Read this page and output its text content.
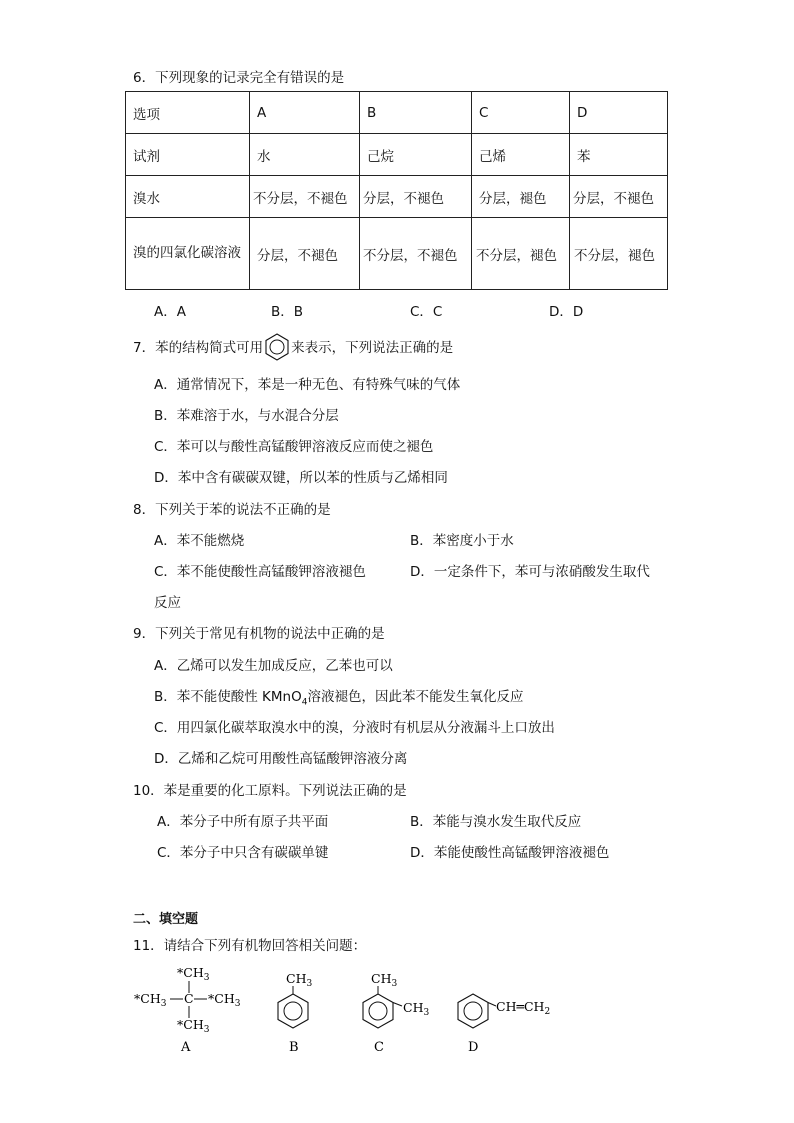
6．下列现象的记录完全有错误的是
选项	A	B	C	D
试剂	水	己烷	己烯	苯
溴水	不分层，不褪色	分层，不褪色	分层，褪色	分层，不褪色
溴的四氯化碳溶液	分层，不褪色	不分层，不褪色	不分层，褪色	不分层，褪色
A．A	B．B	C．C	D．D
7．苯的结构简式可用 来表示，下列说法正确的是
A．通常情况下，苯是一种无色、有特殊气味的气体
B．苯难溶于水，与水混合分层
C．苯可以与酸性高锰酸钾溶液反应而使之褪色
D．苯中含有碳碳双键，所以苯的性质与乙烯相同
8．下列关于苯的说法不正确的是
A．苯不能燃烧	B．苯密度小于水
C．苯不能使酸性高锰酸钾溶液褪色	D．一定条件下，苯可与浓硝酸发生取代
反应
9．下列关于常见有机物的说法中正确的是
A．乙烯可以发生加成反应，乙苯也可以
B．苯不能使酸性 KMnO$_4$溶液褪色，因此苯不能发生氧化反应
C．用四氯化碳萃取溴水中的溴，分液时有机层从分液漏斗上口放出
D．乙烯和乙烷可用酸性高锰酸钾溶液分离
10．苯是重要的化工原料。下列说法正确的是
A．苯分子中所有原子共平面	B．苯能与溴水发生取代反应
C．苯分子中只含有碳碳单键	D．苯能使酸性高锰酸钾溶液褪色
二、填空题
11．请结合下列有机物回答相关问题：
$*CH_3$
$*CH_3$ C $*CH_3$
$*CH_3$
A
$CH_3$
B
$CH_3$
$CH_3$
C
$CH═CH_2$
D
